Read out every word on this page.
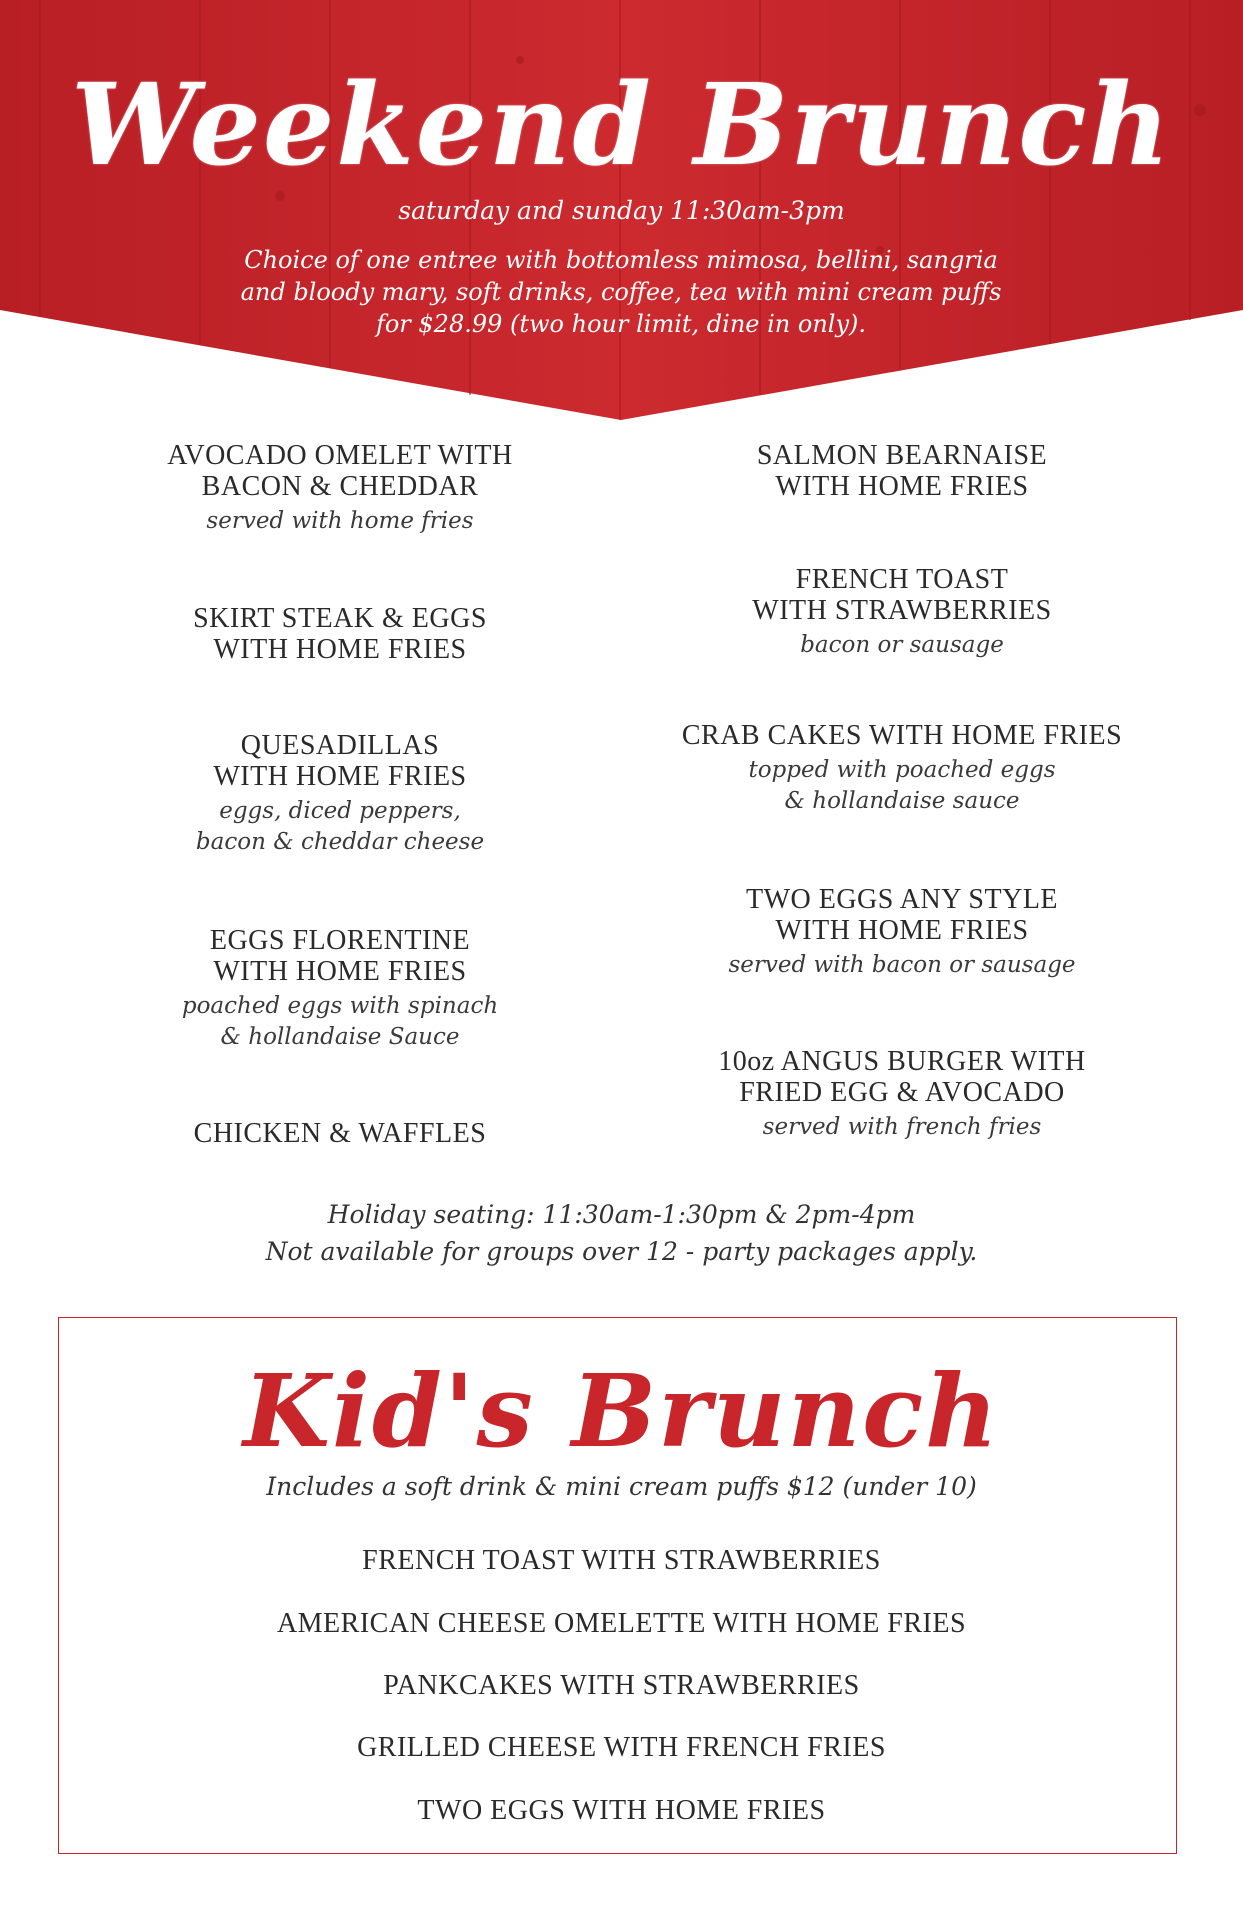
Weekend Brunch
saturday and sunday 11:30am-3pm
Choice of one entree with bottomless mimosa, bellini, sangria and bloody mary, soft drinks, coffee, tea with mini cream puffs for $28.99 (two hour limit, dine in only).
AVOCADO OMELET WITH
BACON & CHEDDAR
served with home fries
SKIRT STEAK & EGGS
WITH HOME FRIES
QUESADILLAS
WITH HOME FRIES
eggs, diced peppers,
bacon & cheddar cheese
EGGS FLORENTINE
WITH HOME FRIES
poached eggs with spinach
& hollandaise Sauce
CHICKEN & WAFFLES
SALMON BEARNAISE
WITH HOME FRIES
FRENCH TOAST
WITH STRAWBERRIES
bacon or sausage
CRAB CAKES WITH HOME FRIES
topped with poached eggs
& hollandaise sauce
TWO EGGS ANY STYLE
WITH HOME FRIES
served with bacon or sausage
10oz ANGUS BURGER WITH
FRIED EGG & AVOCADO
served with french fries
Holiday seating: 11:30am-1:30pm & 2pm-4pm
Not available for groups over 12 - party packages apply.
Kid's Brunch
Includes a soft drink & mini cream puffs $12 (under 10)
FRENCH TOAST WITH STRAWBERRIES
AMERICAN CHEESE OMELETTE WITH HOME FRIES
PANKCAKES WITH STRAWBERRIES
GRILLED CHEESE WITH FRENCH FRIES
TWO EGGS WITH HOME FRIES
